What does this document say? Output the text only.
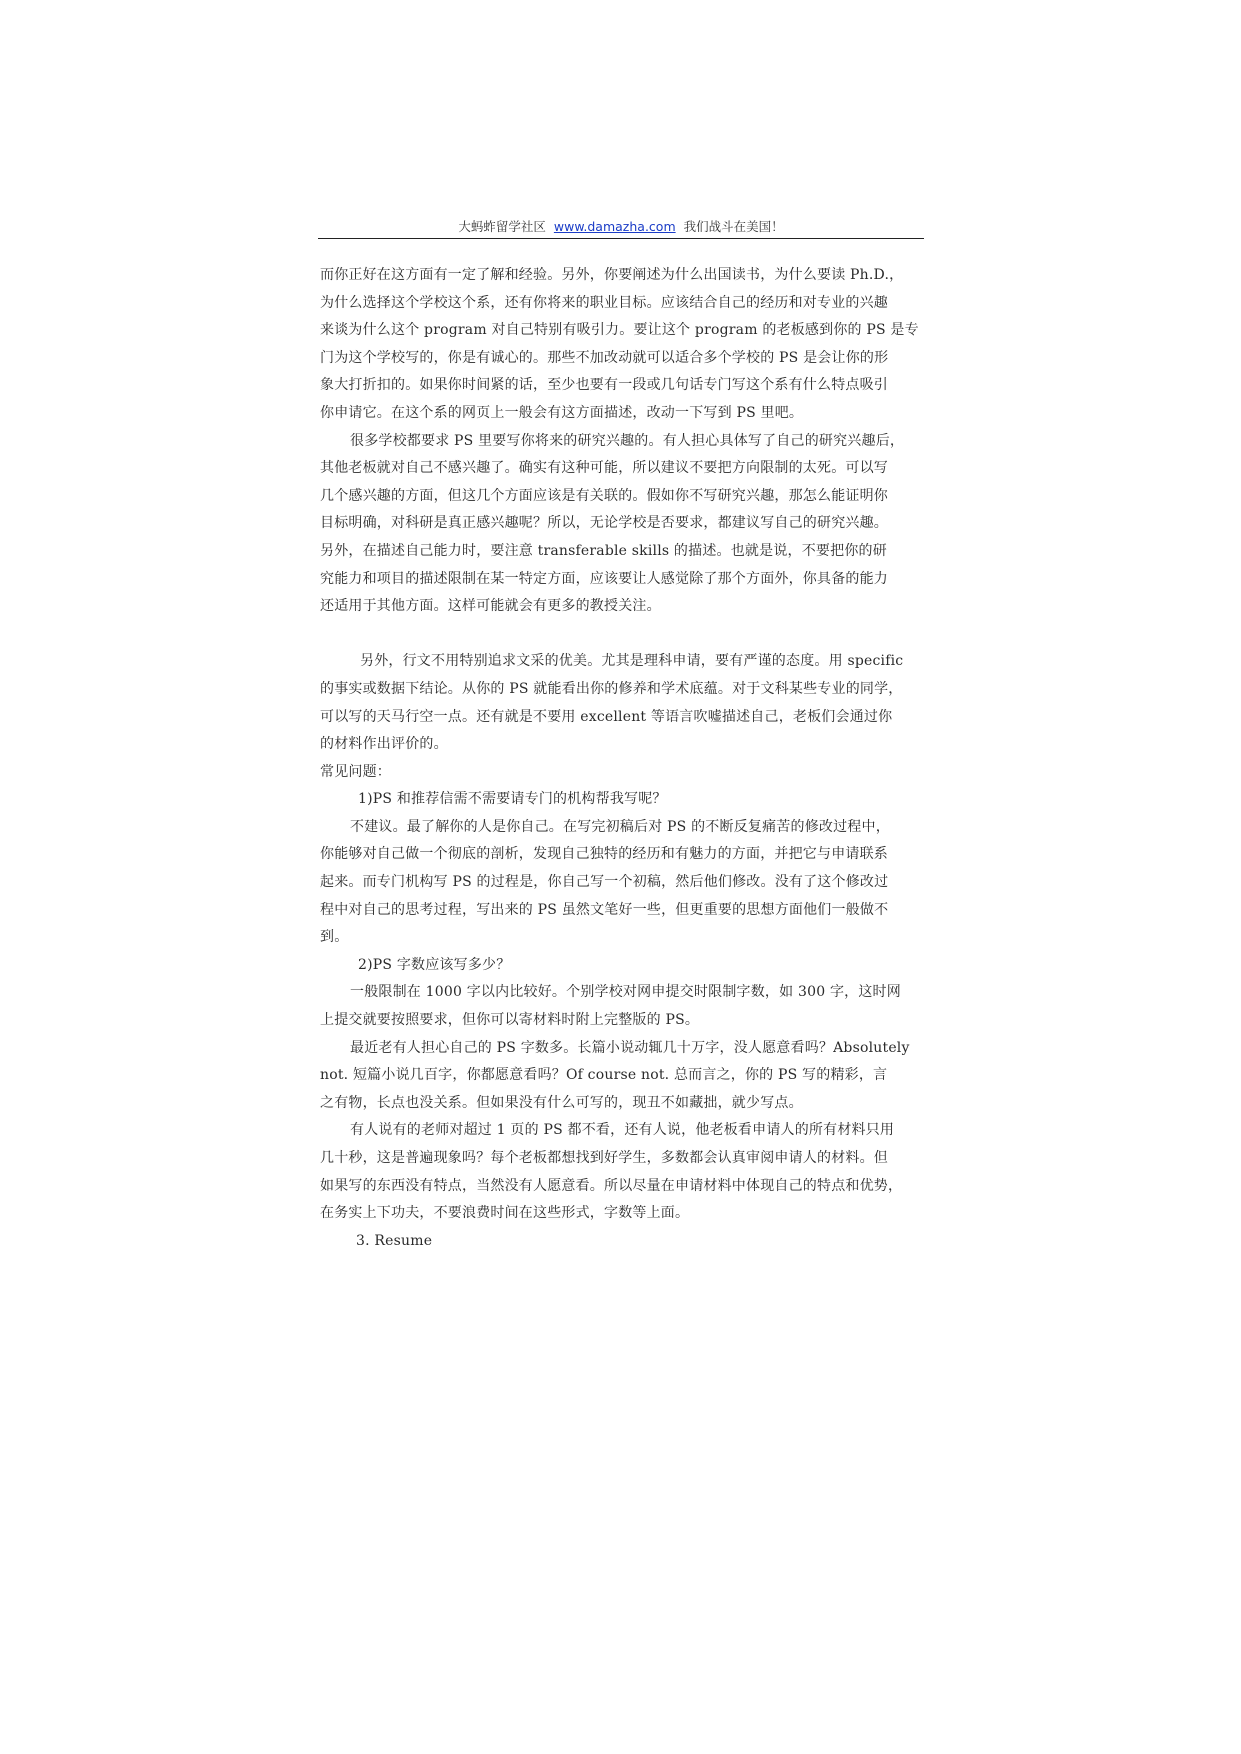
大蚂蚱留学社区 www.damazha.com 我们战斗在美国！
而你正好在这方面有一定了解和经验。另外，你要阐述为什么出国读书，为什么要读 Ph.D.，
为什么选择这个学校这个系，还有你将来的职业目标。应该结合自己的经历和对专业的兴趣
来谈为什么这个 program 对自己特别有吸引力。要让这个 program 的老板感到你的 PS 是专
门为这个学校写的，你是有诚心的。那些不加改动就可以适合多个学校的 PS 是会让你的形
象大打折扣的。如果你时间紧的话，至少也要有一段或几句话专门写这个系有什么特点吸引
你申请它。在这个系的网页上一般会有这方面描述，改动一下写到 PS 里吧。
很多学校都要求 PS 里要写你将来的研究兴趣的。有人担心具体写了自己的研究兴趣后，
其他老板就对自己不感兴趣了。确实有这种可能，所以建议不要把方向限制的太死。可以写
几个感兴趣的方面，但这几个方面应该是有关联的。假如你不写研究兴趣，那怎么能证明你
目标明确，对科研是真正感兴趣呢？所以，无论学校是否要求，都建议写自己的研究兴趣。
另外，在描述自己能力时，要注意 transferable skills 的描述。也就是说，不要把你的研
究能力和项目的描述限制在某一特定方面，应该要让人感觉除了那个方面外，你具备的能力
还适用于其他方面。这样可能就会有更多的教授关注。
另外，行文不用特别追求文采的优美。尤其是理科申请，要有严谨的态度。用 specific
的事实或数据下结论。从你的 PS 就能看出你的修养和学术底蕴。对于文科某些专业的同学，
可以写的天马行空一点。还有就是不要用 excellent 等语言吹嘘描述自己，老板们会通过你
的材料作出评价的。
常见问题：
1)PS 和推荐信需不需要请专门的机构帮我写呢？
不建议。最了解你的人是你自己。在写完初稿后对 PS 的不断反复痛苦的修改过程中，
你能够对自己做一个彻底的剖析，发现自己独特的经历和有魅力的方面，并把它与申请联系
起来。而专门机构写 PS 的过程是，你自己写一个初稿，然后他们修改。没有了这个修改过
程中对自己的思考过程，写出来的 PS 虽然文笔好一些，但更重要的思想方面他们一般做不
到。
2)PS 字数应该写多少？
一般限制在 1000 字以内比较好。个别学校对网申提交时限制字数，如 300 字，这时网
上提交就要按照要求，但你可以寄材料时附上完整版的 PS。
最近老有人担心自己的 PS 字数多。长篇小说动辄几十万字，没人愿意看吗？Absolutely
not. 短篇小说几百字，你都愿意看吗？Of course not. 总而言之，你的 PS 写的精彩，言
之有物，长点也没关系。但如果没有什么可写的，现丑不如藏拙，就少写点。
有人说有的老师对超过 1 页的 PS 都不看，还有人说，他老板看申请人的所有材料只用
几十秒，这是普遍现象吗？每个老板都想找到好学生，多数都会认真审阅申请人的材料。但
如果写的东西没有特点，当然没有人愿意看。所以尽量在申请材料中体现自己的特点和优势，
在务实上下功夫，不要浪费时间在这些形式，字数等上面。
3. Resume
